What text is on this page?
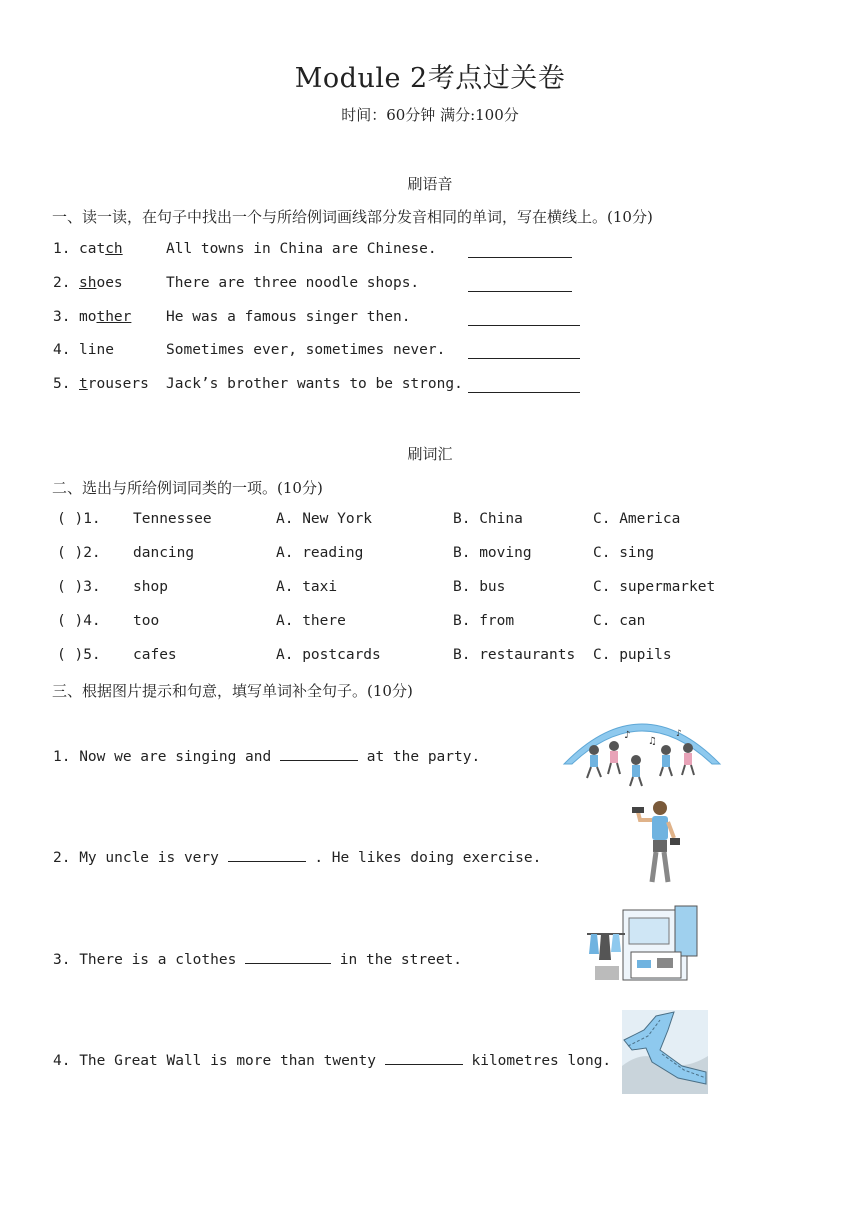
Module 2考点过关卷
时间：60分钟 满分:100分
刷语音
一、读一读，在句子中找出一个与所给例词画线部分发音相同的单词，写在横线上。(10分)
1. catch	All towns in China are Chinese.
2. shoes	There are three noodle shops.
3. mother He was a famous singer then.
4. line	Sometimes ever, sometimes never.
5. trousers Jack’s brother wants to be strong.
刷词汇
二、选出与所给例词同类的一项。(10分)
( )1. Tennessee	A. New York	B. China	C. America
( )2. dancing	A. reading	B. moving	C. sing
( )3. shop	A. taxi	B. bus	C. supermarket
( )4. too	A. there	B. from	C. can
( )5. cafes	A. postcards	B. restaurants C. pupils
三、根据图片提示和句意，填写单词补全句子。(10分)
1. Now we are singing and	at the party.
♪
♫
♪
2. My uncle is very	. He likes doing exercise.
3. There is a clothes	in the street.
4. The Great Wall is more than twenty	kilometres long.
